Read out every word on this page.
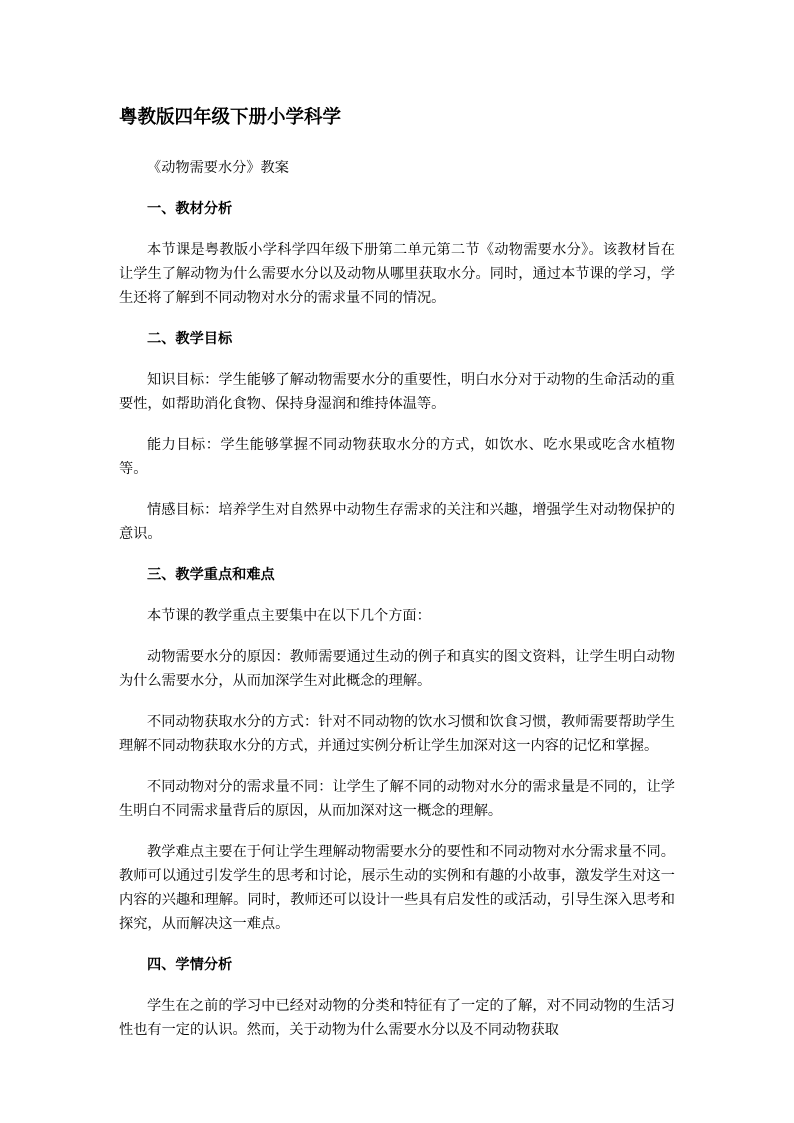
粤教版四年级下册小学科学
《动物需要水分》教案
一、教材分析
本节课是粤教版小学科学四年级下册第二单元第二节《动物需要水分》。该教材旨在让学生了解动物为什么需要水分以及动物从哪里获取水分。同时，通过本节课的学习，学生还将了解到不同动物对水分的需求量不同的情况。
二、教学目标
知识目标：学生能够了解动物需要水分的重要性，明白水分对于动物的生命活动的重要性，如帮助消化食物、保持身湿润和维持体温等。
能力目标：学生能够掌握不同动物获取水分的方式，如饮水、吃水果或吃含水植物等。
情感目标：培养学生对自然界中动物生存需求的关注和兴趣，增强学生对动物保护的意识。
三、教学重点和难点
本节课的教学重点主要集中在以下几个方面：
动物需要水分的原因：教师需要通过生动的例子和真实的图文资料，让学生明白动物为什么需要水分，从而加深学生对此概念的理解。
不同动物获取水分的方式：针对不同动物的饮水习惯和饮食习惯，教师需要帮助学生理解不同动物获取水分的方式，并通过实例分析让学生加深对这一内容的记忆和掌握。
不同动物对分的需求量不同：让学生了解不同的动物对水分的需求量是不同的，让学生明白不同需求量背后的原因，从而加深对这一概念的理解。
教学难点主要在于何让学生理解动物需要水分的要性和不同动物对水分需求量不同。教师可以通过引发学生的思考和讨论，展示生动的实例和有趣的小故事，激发学生对这一内容的兴趣和理解。同时，教师还可以设计一些具有启发性的或活动，引导生深入思考和探究，从而解决这一难点。
四、学情分析
学生在之前的学习中已经对动物的分类和特征有了一定的了解，对不同动物的生活习性也有一定的认识。然而，关于动物为什么需要水分以及不同动物获取
